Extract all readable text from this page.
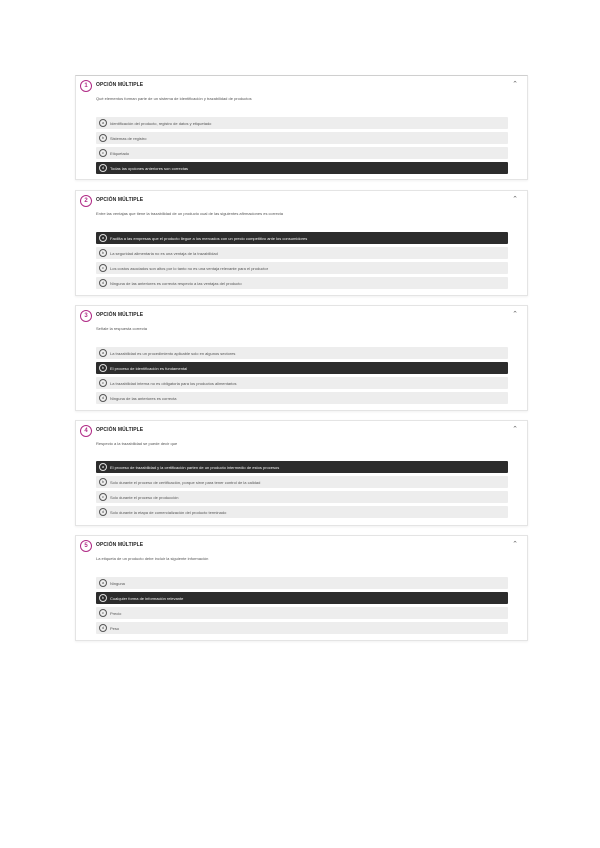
1	OPCIÓN MÚLTIPLE	⌃
Qué elementos forman parte de un sistema de identificación y trazabilidad de productos
a	Identificación del producto, registro de datos y etiquetado
b	Sistemas de registro
c	Etiquetado
d	Todas las opciones anteriores son correctas
2	OPCIÓN MÚLTIPLE	⌃
Entre las ventajas que tiene la trazabilidad de un producto cual de las siguientes afirmaciones es correcta
a	Facilita a las empresas que el producto llegue a los mercados con un precio competitivo ante los consumidores
b	La seguridad alimentaria no es una ventaja de la trazabilidad
c	Los costos asociados son altos por lo tanto no es una ventaja relevante para el productor
d	Ninguna de las anteriores es correcta respecto a las ventajas del producto
3	OPCIÓN MÚLTIPLE	⌃
Señale la respuesta correcta
a	La trazabilidad es un procedimiento aplicable solo en algunos sectores
b	El proceso de identificación es fundamental
c	La trazabilidad interna no es obligatoria para los productos alimentarios
d	Ninguna de las anteriores es correcta
4	OPCIÓN MÚLTIPLE	⌃
Respecto a la trazabilidad se puede decir que
a	El proceso de trazabilidad y la certificación parten de un producto intermedio de estos procesos
b	Solo durante el proceso de certificación, porque sirve para tener control de la calidad
c	Solo durante el proceso de producción
d	Solo durante la etapa de comercialización del producto terminado
5	OPCIÓN MÚLTIPLE	⌃
La etiqueta de un producto debe incluir la siguiente información
a	Ninguna
b	Cualquier forma de información relevante
c	Precio
d	Peso
